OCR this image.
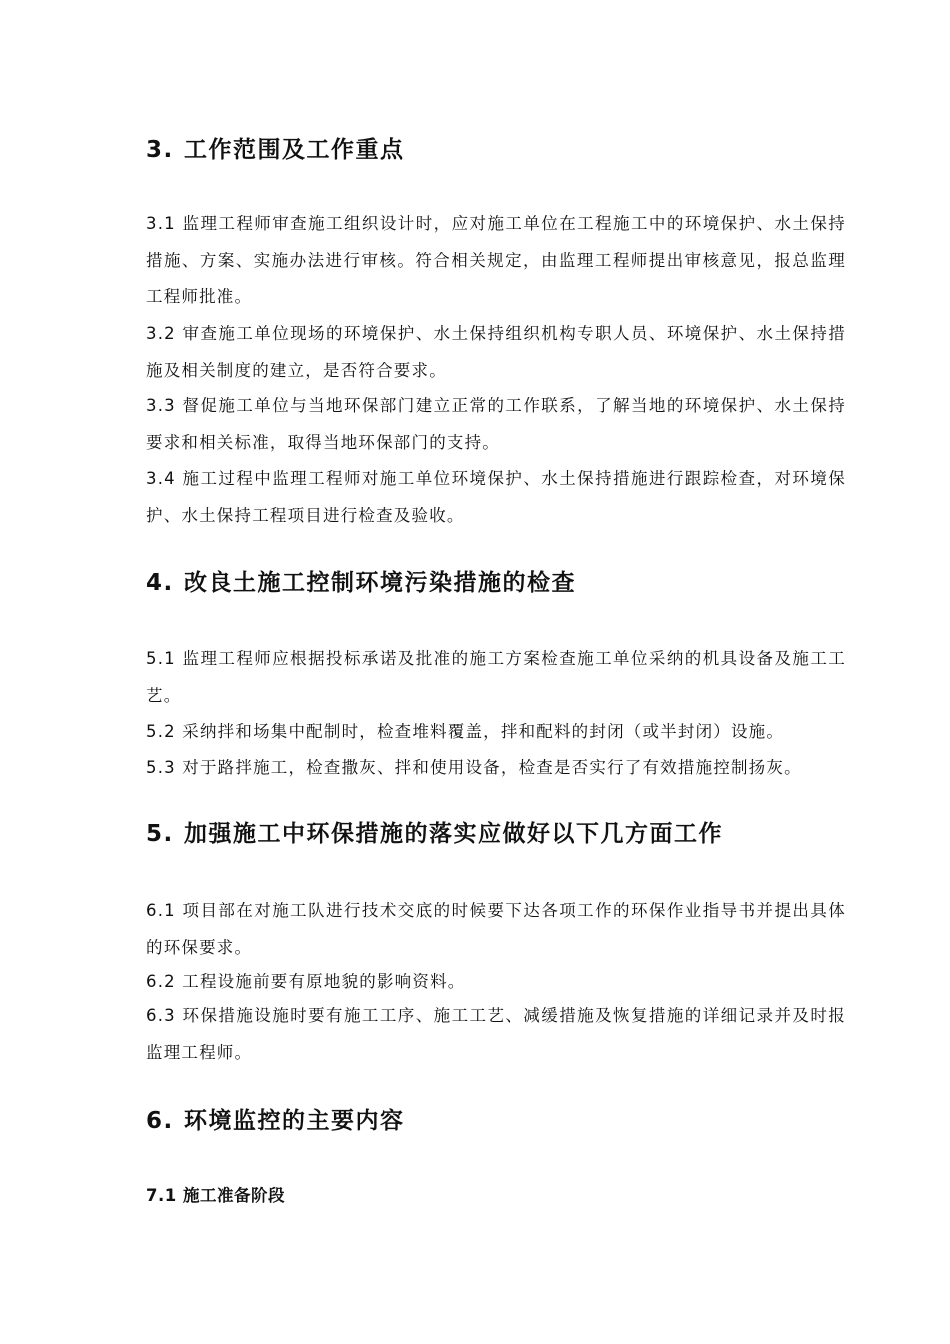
3. 工作范围及工作重点
3.1 监理工程师审查施工组织设计时，应对施工单位在工程施工中的环境保护、水土保持措施、方案、实施办法进行审核。符合相关规定，由监理工程师提出审核意见，报总监理工程师批准。
3.2 审查施工单位现场的环境保护、水土保持组织机构专职人员、环境保护、水土保持措施及相关制度的建立，是否符合要求。
3.3 督促施工单位与当地环保部门建立正常的工作联系，了解当地的环境保护、水土保持要求和相关标准，取得当地环保部门的支持。
3.4 施工过程中监理工程师对施工单位环境保护、水土保持措施进行跟踪检查，对环境保护、水土保持工程项目进行检查及验收。
4. 改良土施工控制环境污染措施的检查
5.1 监理工程师应根据投标承诺及批准的施工方案检查施工单位采纳的机具设备及施工工艺。
5.2 采纳拌和场集中配制时，检查堆料覆盖，拌和配料的封闭（或半封闭）设施。
5.3 对于路拌施工，检查撒灰、拌和使用设备，检查是否实行了有效措施控制扬灰。
5. 加强施工中环保措施的落实应做好以下几方面工作
6.1 项目部在对施工队进行技术交底的时候要下达各项工作的环保作业指导书并提出具体的环保要求。
6.2 工程设施前要有原地貌的影响资料。
6.3 环保措施设施时要有施工工序、施工工艺、减缓措施及恢复措施的详细记录并及时报监理工程师。
6. 环境监控的主要内容
7.1 施工准备阶段
